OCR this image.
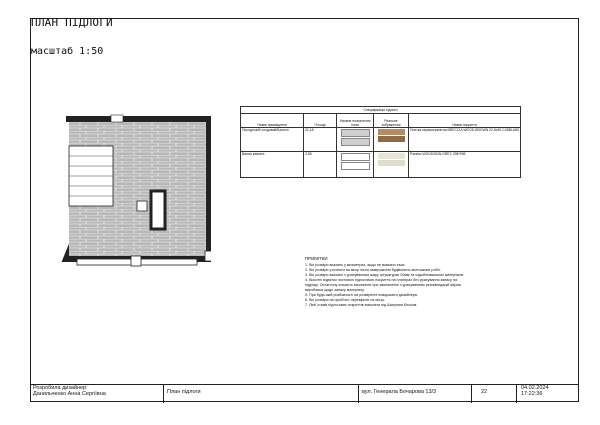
ПЛАН ПІДЛОГИ
масштаб 1:50
Специфікація підлоги				
Назва приміщення	Площа	Умовне позначення пола	Реальне зображення	Назва покриття
Передпокій/ сходовий/Балкон	32,18			Плитка керамогранітна BRECCIA WOOD BROWN 22,5x90 CX8BLA89
Ванна кімната	3,55			Paraiso WOODSKIN GREY 298*998
ПРИМІТКИ
1. Всі розміри вказано у міліметрах, якщо не вказано інше.
2. Всі розміри уточнити на місці після завершення будівельно-монтажних робіт.
3. Всі розміри вказано з урахуванням шару штукатурки 20мм та оздоблювальних матеріалів.
4. Висотні відмітки чистовою підлоговою покриття на планграх без урахування запасу на
підрізку. Остаточну кількість визначити при замовленні з урахуванням рекомендацій фірми
виробника щодо запасу матеріалу.
5. При будь-якій розбіжності на розміренні повідомити дизайнера.
6. Всі розміри на пріоб'єкт перевірити на місці.
7. Лінії стиків підлогових покриттів виконати під Шкерним блоком.
Розробила дизайнер:
Данильченко Анна Сергіївна	План підлоги	вул. Генерала Бочарова 13/3	22
04.02.2024
17:22:36
